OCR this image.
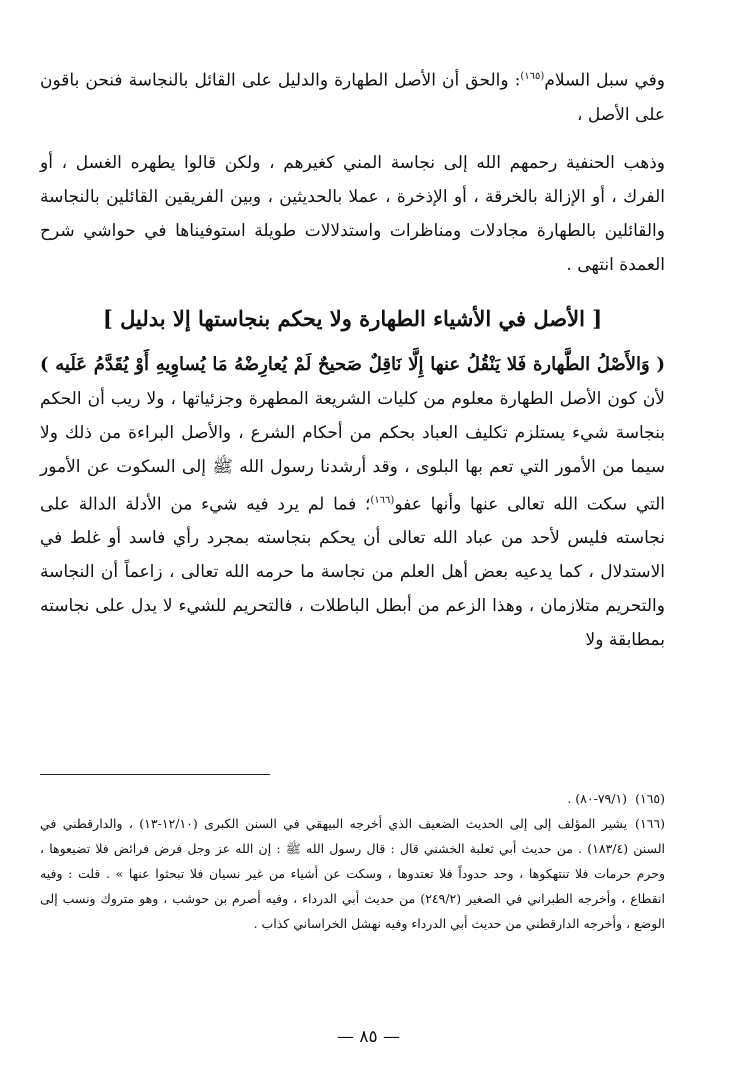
وفي سبل السلام$^{(١٦٥)}$: والحق أن الأصل الطهارة والدليل على القائل بالنجاسة فنحن باقون على الأصل ،

وذهب الحنفية رحمهم الله إلى نجاسة المني كغيرهم ، ولكن قالوا يطهره الغسل ، أو الفرك ، أو الإزالة بالخرقة ، أو الإذخرة ، عملا بالحديثين ، وبين الفريقين القائلين بالنجاسة والقائلين بالطهارة مجادلات ومناظرات واستدلالات طويلة استوفيناها في حواشي شرح العمدة انتهى .

[ الأصل في الأشياء الطهارة ولا يحكم بنجاستها إلا بدليل ]

( وَالأَصْلُ الطَّهارة فَلا يَنْقُلُ عنها إِلَّا نَاقِلٌ صَحيحٌ لَمْ يُعارِضْهُ مَا يُساوِيهِ أَوْ يُقَدَّمُ عَلَيه ) لأن كون الأصل الطهارة معلوم من كليات الشريعة المطهرة وجزئياتها ، ولا ريب أن الحكم بنجاسة شيء يستلزم تكليف العباد بحكم من أحكام الشرع ، والأصل البراءة من ذلك ولا سيما من الأمور التي تعم بها البلوى ، وقد أرشدنا رسول الله ﷺ إلى السكوت عن الأمور التي سكت الله تعالى عنها وأنها عفو$^{(١٦٦)}$؛ فما لم يرد فيه شيء من الأدلة الدالة على نجاسته فليس لأحد من عباد الله تعالى أن يحكم بنجاسته بمجرد رأي فاسد أو غلط في الاستدلال ، كما يدعيه بعض أهل العلم من نجاسة ما حرمه الله تعالى ، زاعماً أن النجاسة والتحريم متلازمان ، وهذا الزعم من أبطل الباطلات ، فالتحريم للشيء لا يدل على نجاسته بمطابقة ولا

(١٦٥)(٧٩/١-٨٠) .

(١٦٦)يشير المؤلف إلى إلى الحديث الضعيف الذي أخرجه البيهقي في السنن الكبرى (١٢/١٠-١٣) ، والدارقطني في السنن (١٨٣/٤) . من حديث أبي ثعلبة الخشني قال : قال رسول الله ﷺ : إن الله عز وجل فرض فرائض فلا تضيعوها ، وحرم حرمات فلا تنتهكوها ، وحد حدوداً فلا تعتدوها ، وسكت عن أشياء من غير نسيان فلا تبحثوا عنها » . قلت : وفيه انقطاع ، وأخرجه الطبراني في الصغير (٢٤٩/٢) من حديث أبي الدرداء ، وفيه أصرم بن حوشب ، وهو متروك ونسب إلى الوضع ، وأخرجه الدارقطني من حديث أبي الدرداء وفيه نهشل الخراساني كذاب .

— ٨٥ —
